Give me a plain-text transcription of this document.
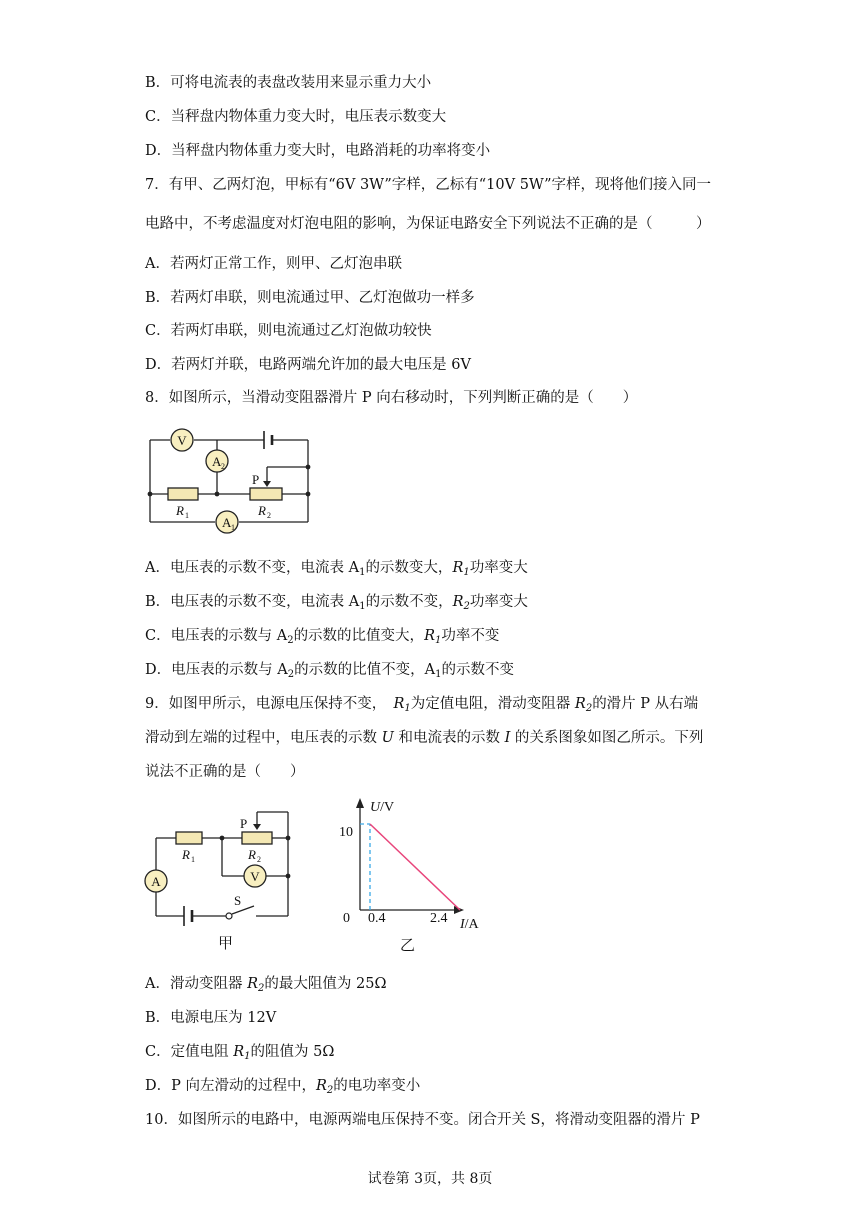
B．可将电流表的表盘改装用来显示重力大小
C．当秤盘内物体重力变大时，电压表示数变大
D．当秤盘内物体重力变大时，电路消耗的功率将变小
7．有甲、乙两灯泡，甲标有“6V 3W”字样，乙标有“10V 5W”字样，现将他们接入同一
电路中，不考虑温度对灯泡电阻的影响，为保证电路安全下列说法不正确的是（　　　）
A．若两灯正常工作，则甲、乙灯泡串联
B．若两灯串联，则电流通过甲、乙灯泡做功一样多
C．若两灯串联，则电流通过乙灯泡做功较快
D．若两灯并联，电路两端允许加的最大电压是 6V
8．如图所示，当滑动变阻器滑片 P 向右移动时，下列判断正确的是（　　）
V
A 2
A 1
P
R 1	R 2
A．电压表的示数不变，电流表 $A_1$的示数变大，$R_1$功率变大
B．电压表的示数不变，电流表 $A_1$的示数不变，$R_2$功率变大
C．电压表的示数与 $A_2$的示数的比值变大，$R_1$功率不变
D．电压表的示数与 $A_2$的示数的比值不变，$A_1$的示数不变
9．如图甲所示，电源电压保持不变，　$R_1$为定值电阻，滑动变阻器 $R_2$的滑片 P 从右端
滑动到左端的过程中，电压表的示数 U 和电流表的示数 I 的关系图象如图乙所示。下列
说法不正确的是（　　）
A	V
P
R 1	R 2
S
甲
U/V
I/A
0
10
0.4	2.4
乙
A．滑动变阻器 $R_2$的最大阻值为 25Ω
B．电源电压为 12V
C．定值电阻 $R_1$的阻值为 5Ω
D．P 向左滑动的过程中，$R_2$的电功率变小
10．如图所示的电路中，电源两端电压保持不变。闭合开关 S，将滑动变阻器的滑片 P
试卷第 3页，共 8页
